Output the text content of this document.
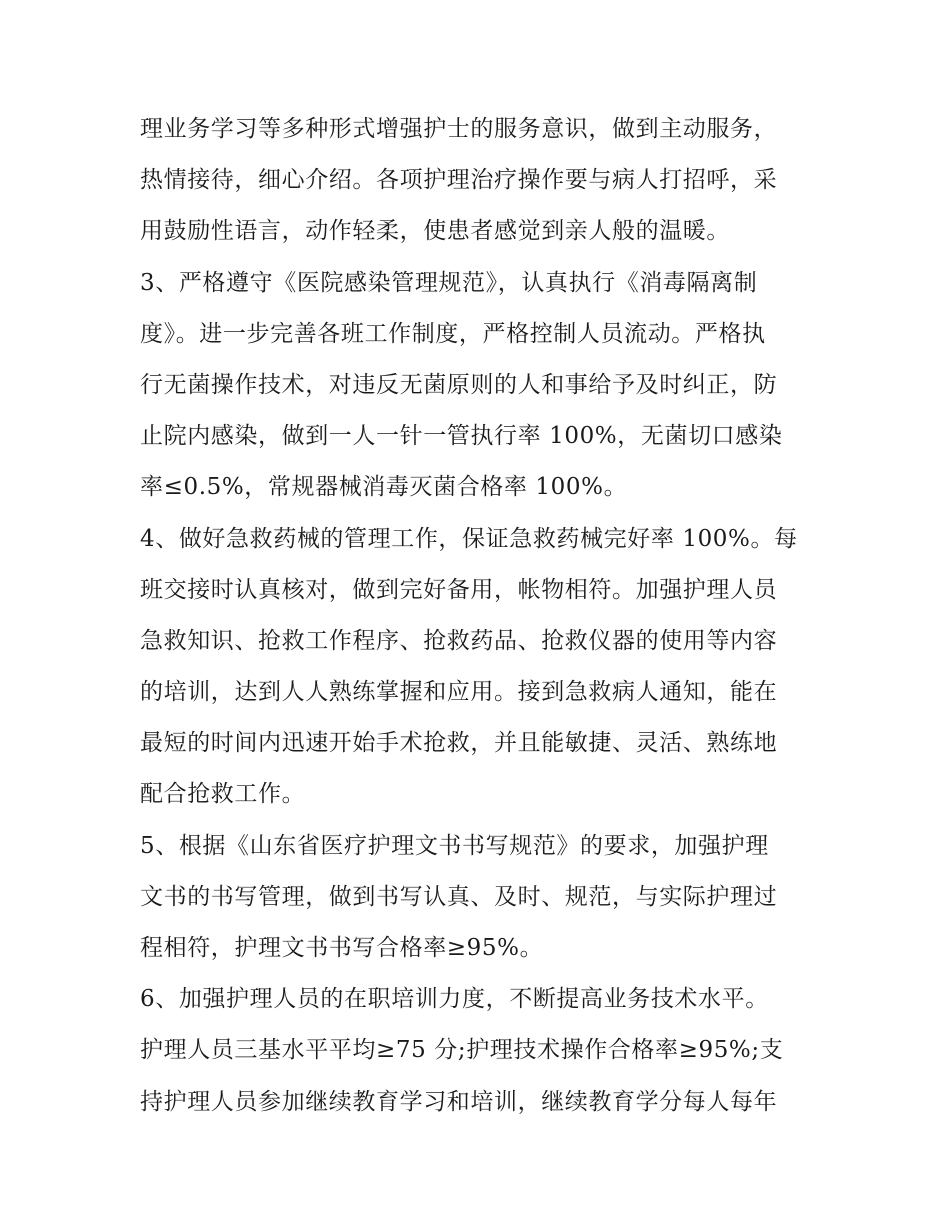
理业务学习等多种形式增强护士的服务意识，做到主动服务，
热情接待，细心介绍。各项护理治疗操作要与病人打招呼，采
用鼓励性语言，动作轻柔，使患者感觉到亲人般的温暖。
3、严格遵守《医院感染管理规范》，认真执行《消毒隔离制
度》。进一步完善各班工作制度，严格控制人员流动。严格执
行无菌操作技术，对违反无菌原则的人和事给予及时纠正，防
止院内感染，做到一人一针一管执行率 100%，无菌切口感染
率≤0.5%，常规器械消毒灭菌合格率 100%。
4、做好急救药械的管理工作，保证急救药械完好率 100%。每
班交接时认真核对，做到完好备用，帐物相符。加强护理人员
急救知识、抢救工作程序、抢救药品、抢救仪器的使用等内容
的培训，达到人人熟练掌握和应用。接到急救病人通知，能在
最短的时间内迅速开始手术抢救，并且能敏捷、灵活、熟练地
配合抢救工作。
5、根据《山东省医疗护理文书书写规范》的要求，加强护理
文书的书写管理，做到书写认真、及时、规范，与实际护理过
程相符，护理文书书写合格率≥95%。
6、加强护理人员的在职培训力度，不断提高业务技术水平。
护理人员三基水平平均≥75 分;护理技术操作合格率≥95%;支
持护理人员参加继续教育学习和培训，继续教育学分每人每年
